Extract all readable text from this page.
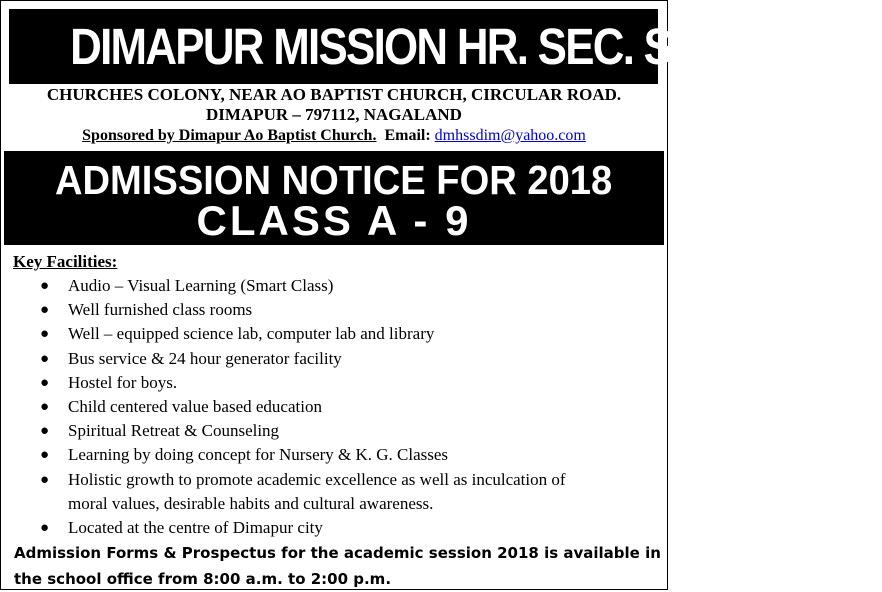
DIMAPUR MISSION HR. SEC. SCHOOL
CHURCHES COLONY, NEAR AO BAPTIST CHURCH, CIRCULAR ROAD.
DIMAPUR – 797112, NAGALAND
Sponsored by Dimapur Ao Baptist Church. Email: dmhssdim@yahoo.com
ADMISSION NOTICE FOR 2018
CLASS A - 9
Key Facilities:
● Audio – Visual Learning (Smart Class)
● Well furnished class rooms
● Well – equipped science lab, computer lab and library
● Bus service & 24 hour generator facility
● Hostel for boys.
● Child centered value based education
● Spiritual Retreat & Counseling
● Learning by doing concept for Nursery & K. G. Classes
● Holistic growth to promote academic excellence as well as inculcation of
moral values, desirable habits and cultural awareness.
● Located at the centre of Dimapur city
Admission Forms & Prospectus for the academic session 2018 is available in
the school office from 8:00 a.m. to 2:00 p.m.
